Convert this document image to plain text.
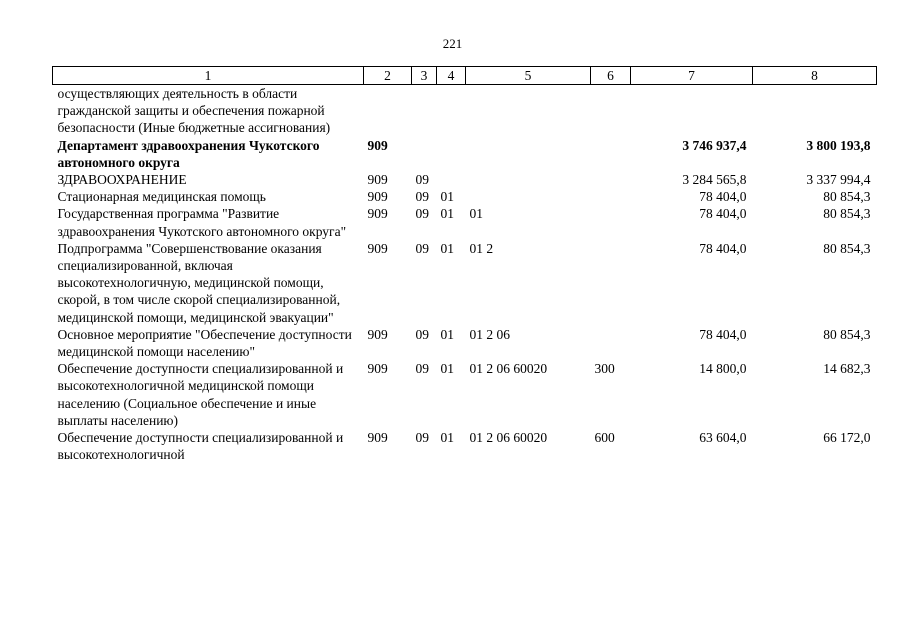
221
1	2	3	4	5	6	7	8
осуществляющих деятельность в области гражданской защиты и обеспечения пожарной безопасности (Иные бюджетные ассигнования)							
Департамент здравоохранения Чукотского автономного округа	909					3 746 937,4	3 800 193,8
ЗДРАВООХРАНЕНИЕ	909	09				3 284 565,8	3 337 994,4
Стационарная медицинская помощь	909	09	01			78 404,0	80 854,3
Государственная программа "Развитие здравоохранения Чукотского автономного округа"	909	09	01	01		78 404,0	80 854,3
Подпрограмма "Совершенствование оказания специализированной, включая высокотехнологичную, медицинской помощи, скорой, в том числе скорой специализированной, медицинской помощи, медицинской эвакуации"	909	09	01	01 2		78 404,0	80 854,3
Основное мероприятие "Обеспечение доступности медицинской помощи населению"	909	09	01	01 2 06		78 404,0	80 854,3
Обеспечение доступности специализированной и высокотехнологичной медицинской помощи населению (Социальное обеспечение и иные выплаты населению)	909	09	01	01 2 06 60020	300	14 800,0	14 682,3
Обеспечение доступности специализированной и высокотехнологичной	909	09	01	01 2 06 60020	600	63 604,0	66 172,0
